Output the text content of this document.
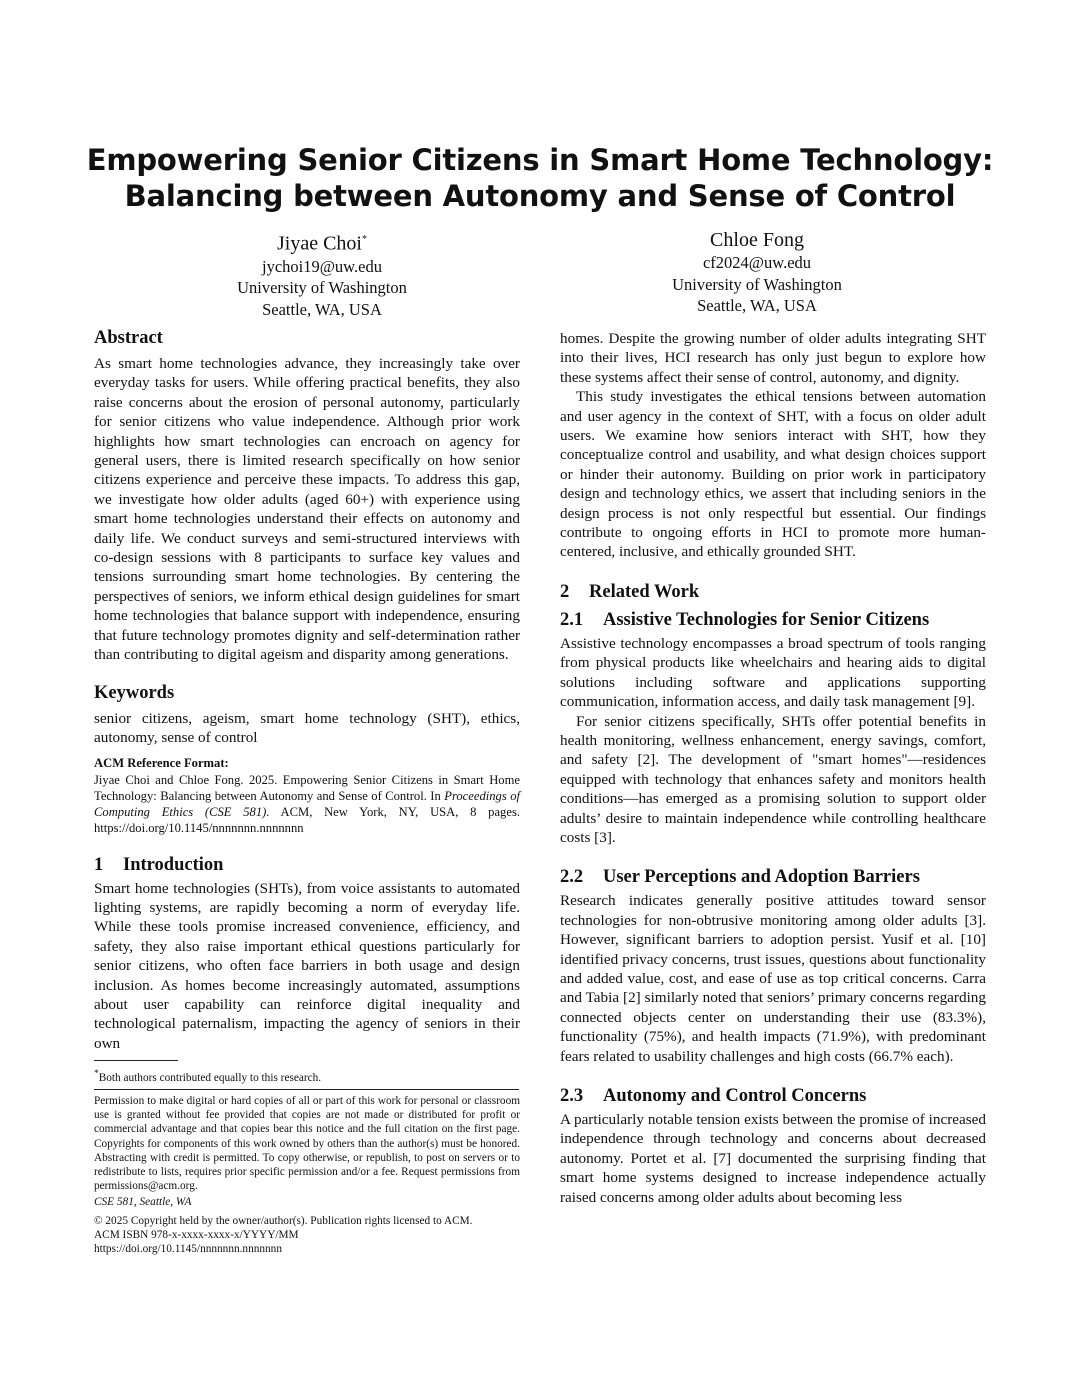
Empowering Senior Citizens in Smart Home Technology:
Balancing between Autonomy and Sense of Control
Jiyae Choi*
jychoi19@uw.edu
University of Washington
Seattle, WA, USA
Chloe Fong
cf2024@uw.edu
University of Washington
Seattle, WA, USA
Abstract

As smart home technologies advance, they increasingly take over everyday tasks for users. While offering practical benefits, they also raise concerns about the erosion of personal autonomy, particularly for senior citizens who value independence. Although prior work highlights how smart technologies can encroach on agency for general users, there is limited research specifically on how senior citizens experience and perceive these impacts. To address this gap, we investigate how older adults (aged 60+) with experience using smart home technologies understand their effects on autonomy and daily life. We conduct surveys and semi-structured interviews with co-design sessions with 8 participants to surface key values and tensions surrounding smart home technologies. By centering the perspectives of seniors, we inform ethical design guidelines for smart home technologies that balance support with independence, ensuring that future technology promotes dignity and self-determination rather than contributing to digital ageism and disparity among generations.

Keywords

senior citizens, ageism, smart home technology (SHT), ethics, autonomy, sense of control

ACM Reference Format:

Jiyae Choi and Chloe Fong. 2025. Empowering Senior Citizens in Smart Home Technology: Balancing between Autonomy and Sense of Control. In Proceedings of Computing Ethics (CSE 581). ACM, New York, NY, USA, 8 pages. https://doi.org/10.1145/nnnnnnn.nnnnnnn

1 Introduction

Smart home technologies (SHTs), from voice assistants to automated lighting systems, are rapidly becoming a norm of everyday life. While these tools promise increased convenience, efficiency, and safety, they also raise important ethical questions particularly for senior citizens, who often face barriers in both usage and design inclusion. As homes become increasingly automated, assumptions about user capability can reinforce digital inequality and technological paternalism, impacting the agency of seniors in their own

*Both authors contributed equally to this research.

Permission to make digital or hard copies of all or part of this work for personal or classroom use is granted without fee provided that copies are not made or distributed for profit or commercial advantage and that copies bear this notice and the full citation on the first page. Copyrights for components of this work owned by others than the author(s) must be honored. Abstracting with credit is permitted. To copy otherwise, or republish, to post on servers or to redistribute to lists, requires prior specific permission and/or a fee. Request permissions from permissions@acm.org.

CSE 581, Seattle, WA

© 2025 Copyright held by the owner/author(s). Publication rights licensed to ACM.

ACM ISBN 978-x-xxxx-xxxx-x/YYYY/MM

https://doi.org/10.1145/nnnnnnn.nnnnnnn

homes. Despite the growing number of older adults integrating SHT into their lives, HCI research has only just begun to explore how these systems affect their sense of control, autonomy, and dignity.

This study investigates the ethical tensions between automation and user agency in the context of SHT, with a focus on older adult users. We examine how seniors interact with SHT, how they conceptualize control and usability, and what design choices support or hinder their autonomy. Building on prior work in participatory design and technology ethics, we assert that including seniors in the design process is not only respectful but essential. Our findings contribute to ongoing efforts in HCI to promote more human-centered, inclusive, and ethically grounded SHT.

2 Related Work
2.1 Assistive Technologies for Senior Citizens

Assistive technology encompasses a broad spectrum of tools ranging from physical products like wheelchairs and hearing aids to digital solutions including software and applications supporting communication, information access, and daily task management [9].

For senior citizens specifically, SHTs offer potential benefits in health monitoring, wellness enhancement, energy savings, comfort, and safety [2]. The development of "smart homes"—residences equipped with technology that enhances safety and monitors health conditions—has emerged as a promising solution to support older adults’ desire to maintain independence while controlling healthcare costs [3].

2.2 User Perceptions and Adoption Barriers

Research indicates generally positive attitudes toward sensor technologies for non-obtrusive monitoring among older adults [3]. However, significant barriers to adoption persist. Yusif et al. [10] identified privacy concerns, trust issues, questions about functionality and added value, cost, and ease of use as top critical concerns. Carra and Tabia [2] similarly noted that seniors’ primary concerns regarding connected objects center on understanding their use (83.3%), functionality (75%), and health impacts (71.9%), with predominant fears related to usability challenges and high costs (66.7% each).

2.3 Autonomy and Control Concerns

A particularly notable tension exists between the promise of increased independence through technology and concerns about decreased autonomy. Portet et al. [7] documented the surprising finding that smart home systems designed to increase independence actually raised concerns among older adults about becoming less
